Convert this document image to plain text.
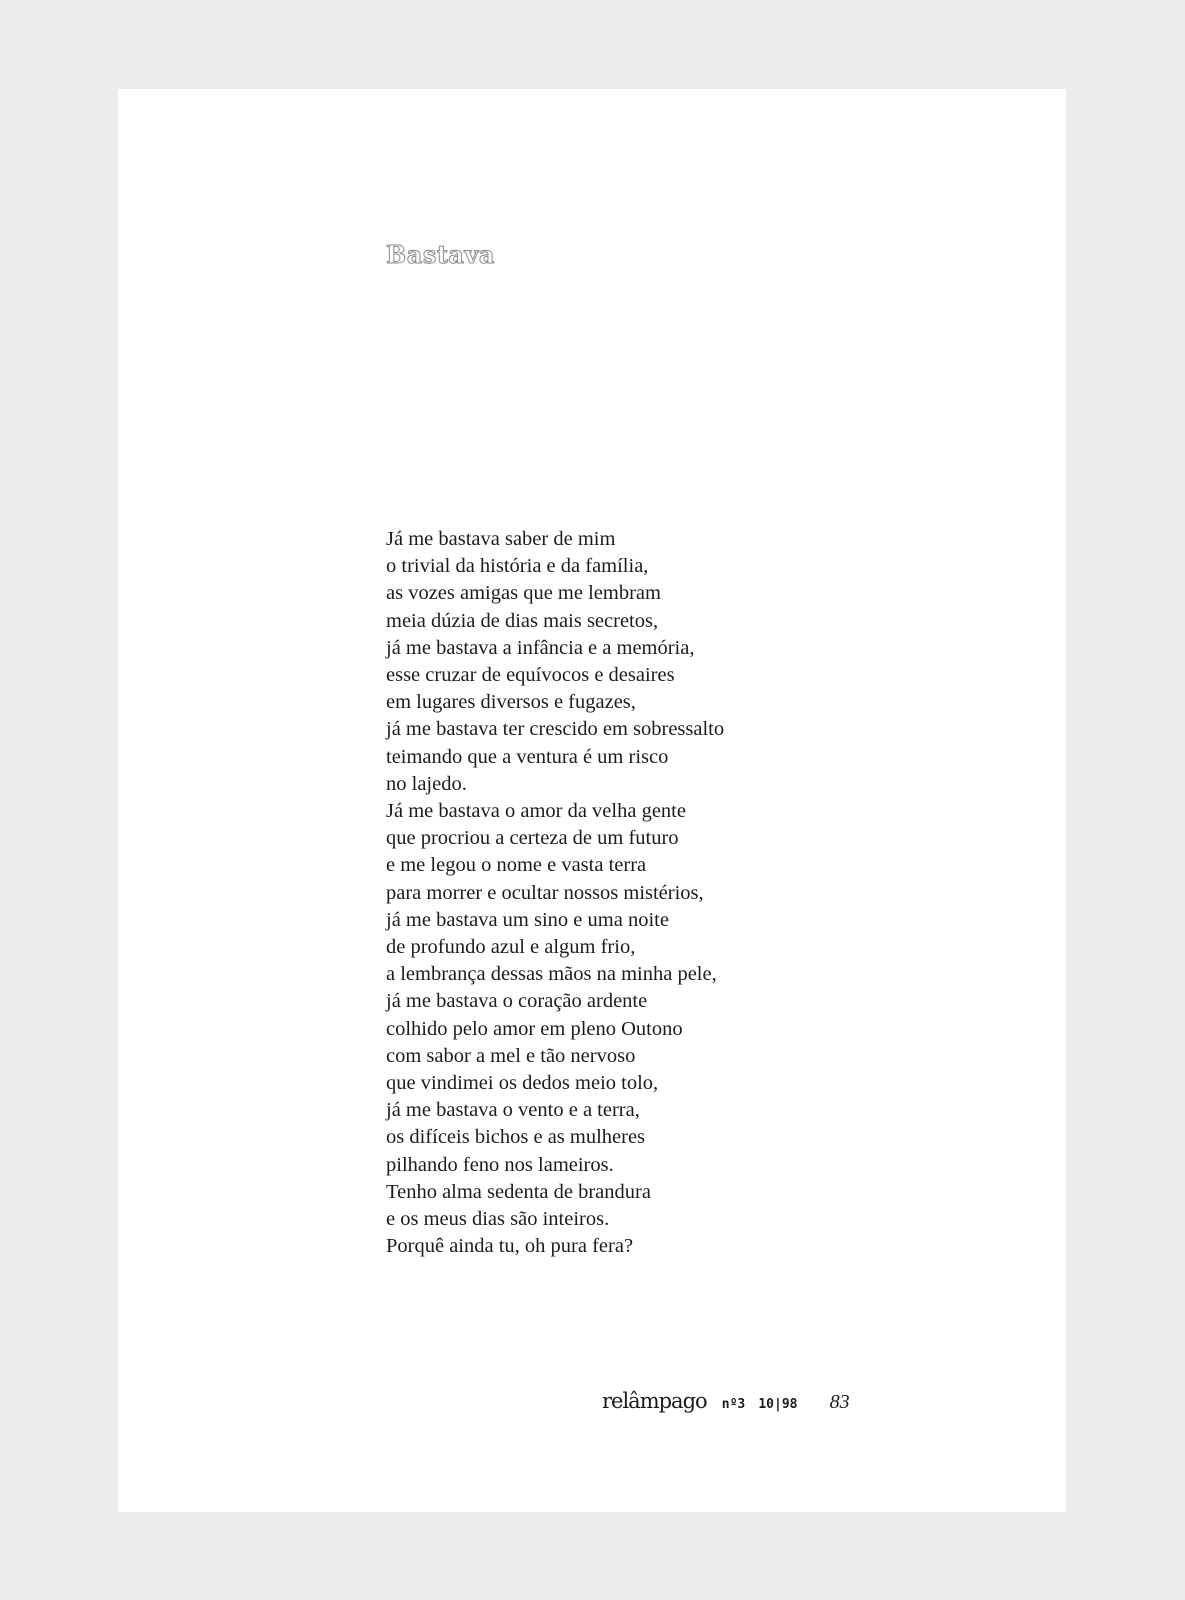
Bastava
Já me bastava saber de mim
o trivial da história e da família,
as vozes amigas que me lembram
meia dúzia de dias mais secretos,
já me bastava a infância e a memória,
esse cruzar de equívocos e desaires
em lugares diversos e fugazes,
já me bastava ter crescido em sobressalto
teimando que a ventura é um risco
no lajedo.
Já me bastava o amor da velha gente
que procriou a certeza de um futuro
e me legou o nome e vasta terra
para morrer e ocultar nossos mistérios,
já me bastava um sino e uma noite
de profundo azul e algum frio,
a lembrança dessas mãos na minha pele,
já me bastava o coração ardente
colhido pelo amor em pleno Outono
com sabor a mel e tão nervoso
que vindimei os dedos meio tolo,
já me bastava o vento e a terra,
os difíceis bichos e as mulheres
pilhando feno nos lameiros.
Tenho alma sedenta de brandura
e os meus dias são inteiros.
Porquê ainda tu, oh pura fera?
relâmpago nº3 10|98 83
